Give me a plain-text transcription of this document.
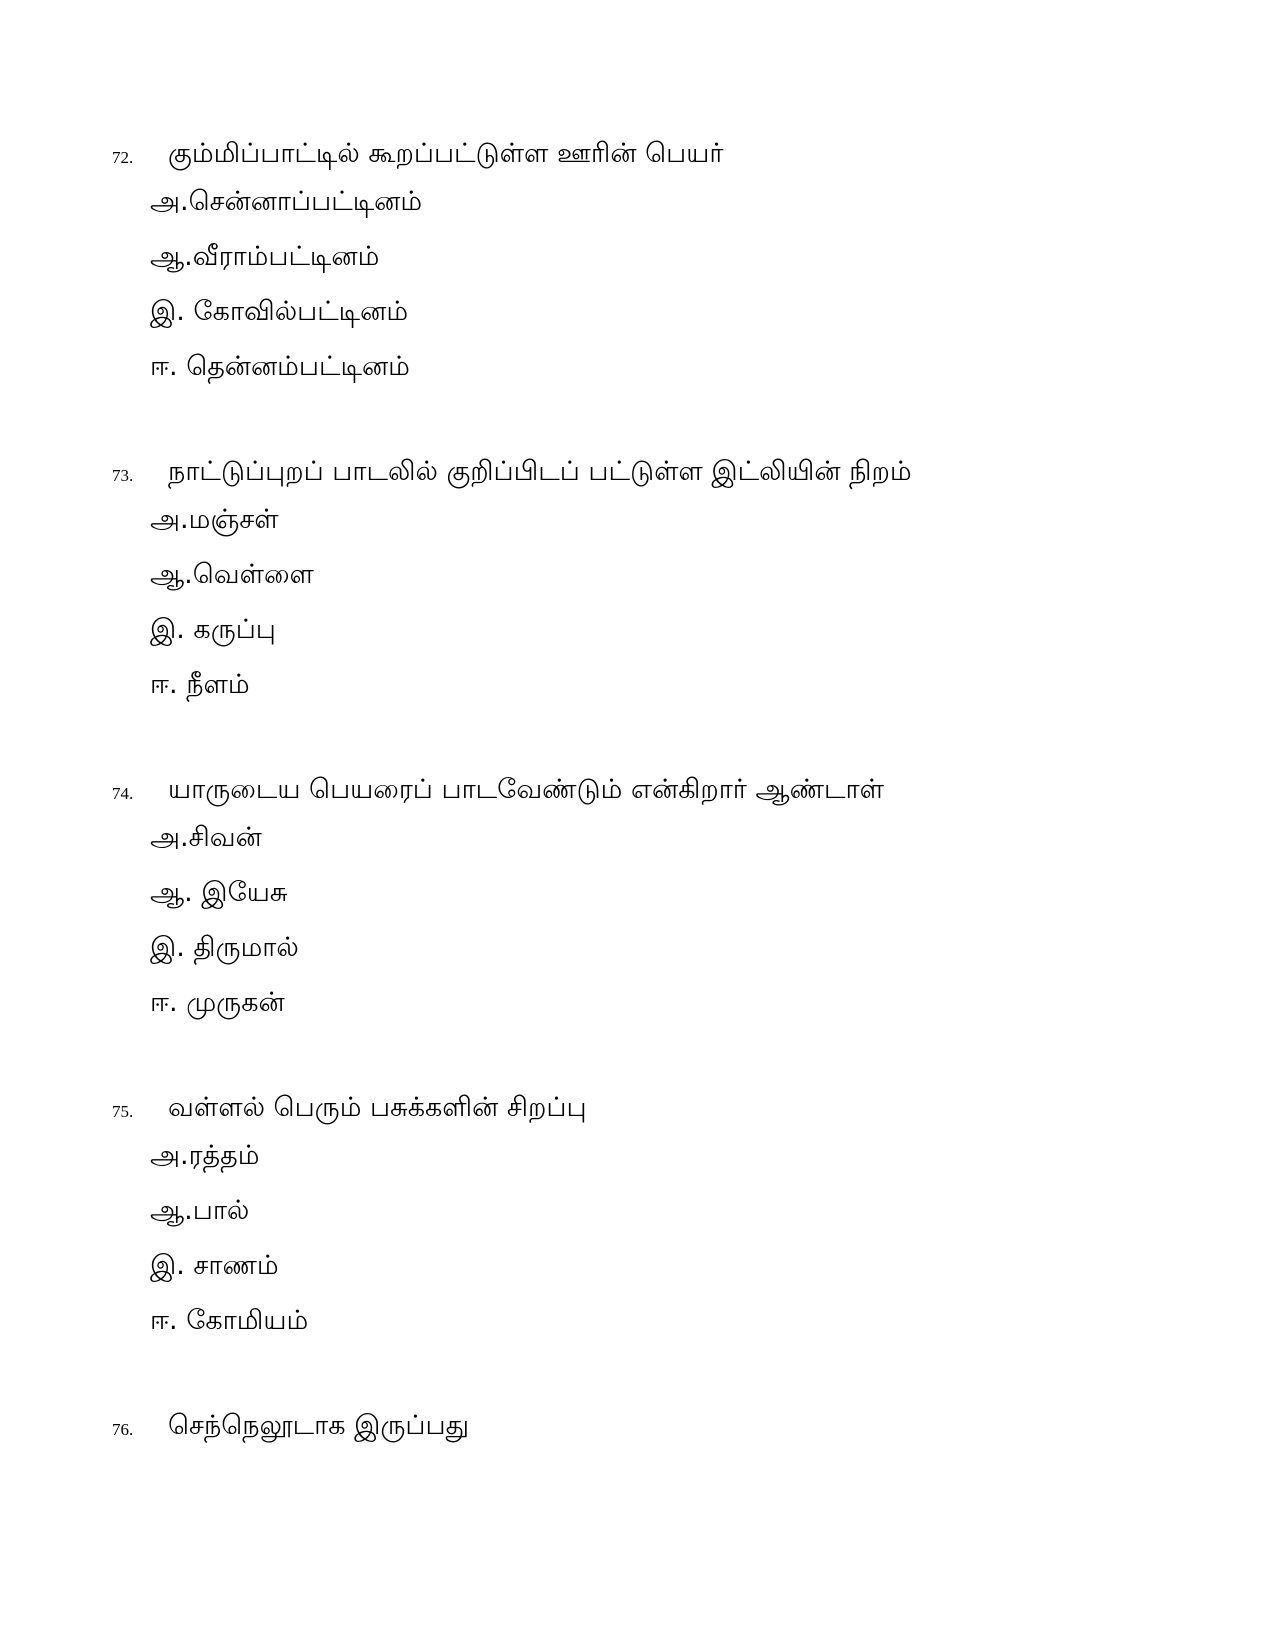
72. கும்மிப்பாட்டில் கூறப்பட்டுள்ள ஊரின் பெயர்
அ.சென்னாப்பட்டினம்
ஆ.வீராம்பட்டினம்
இ. கோவில்பட்டினம்
ஈ. தென்னம்பட்டினம்
73. நாட்டுப்புறப் பாடலில் குறிப்பிடப் பட்டுள்ள இட்லியின் நிறம்
அ.மஞ்சள்
ஆ.வெள்ளை
இ. கருப்பு
ஈ. நீளம்
74. யாருடைய பெயரைப் பாடவேண்டும் என்கிறார் ஆண்டாள்
அ.சிவன்
ஆ. இயேசு
இ. திருமால்
ஈ. முருகன்
75. வள்ளல் பெரும் பசுக்களின் சிறப்பு
அ.ரத்தம்
ஆ.பால்
இ. சாணம்
ஈ. கோமியம்
76. செந்நெலூடாக இருப்பது
